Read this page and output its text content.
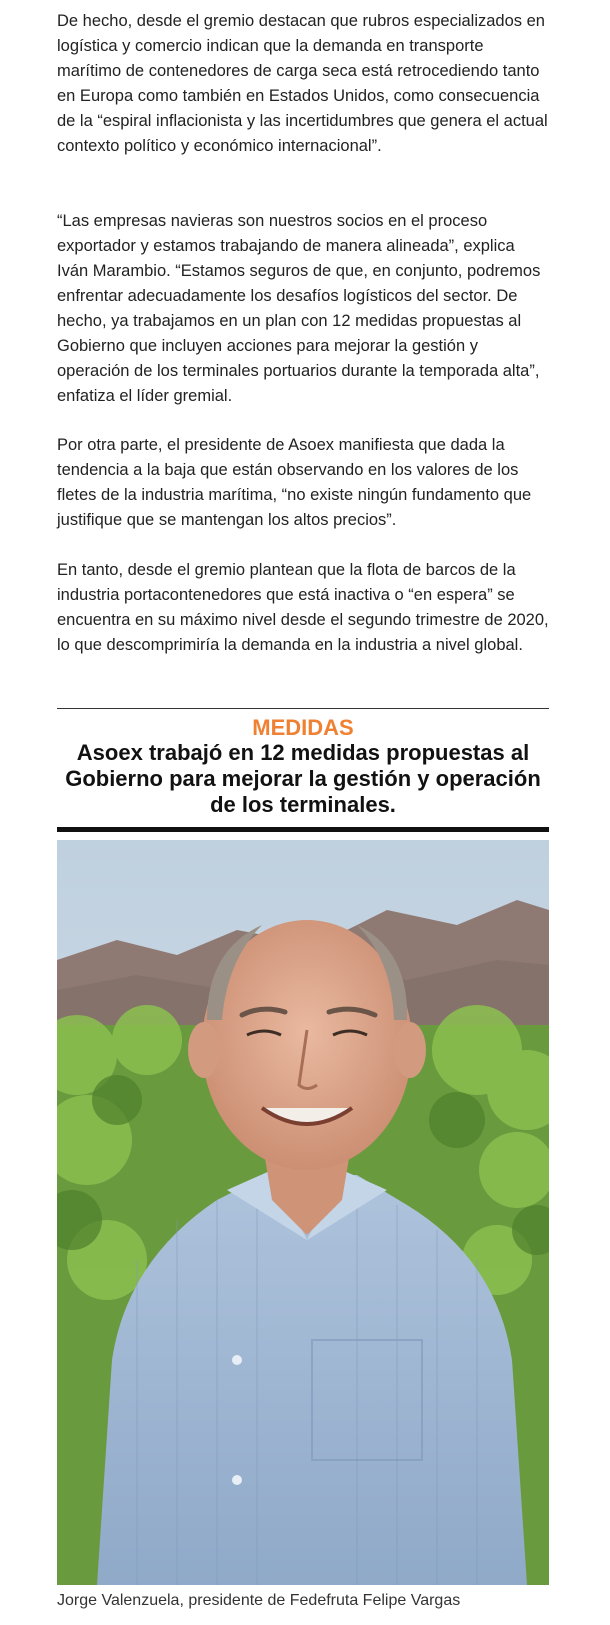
De hecho, desde el gremio destacan que rubros especializados en logística y comercio indican que la demanda en transporte marítimo de contenedores de carga seca está retrocediendo tanto en Europa como también en Estados Unidos, como consecuencia de la “espiral inflacionista y las incertidumbres que genera el actual contexto político y económico internacional”.

“Las empresas navieras son nuestros socios en el proceso exportador y estamos trabajando de manera alineada”, explica Iván Marambio. “Estamos seguros de que, en conjunto, podremos enfrentar adecuadamente los desafíos logísticos del sector. De hecho, ya trabajamos en un plan con 12 medidas propuestas al Gobierno que incluyen acciones para mejorar la gestión y operación de los terminales portuarios durante la temporada alta”, enfatiza el líder gremial.

Por otra parte, el presidente de Asoex manifiesta que dada la tendencia a la baja que están observando en los valores de los fletes de la industria marítima, “no existe ningún fundamento que justifique que se mantengan los altos precios”.

En tanto, desde el gremio plantean que la flota de barcos de la industria portacontenedores que está inactiva o “en espera” se encuentra en su máximo nivel desde el segundo trimestre de 2020, lo que descomprimiría la demanda en la industria a nivel global.

MEDIDAS
Asoex trabajó en 12 medidas propuestas al Gobierno para mejorar la gestión y operación de los terminales.
Jorge Valenzuela, presidente de Fedefruta Felipe Vargas
